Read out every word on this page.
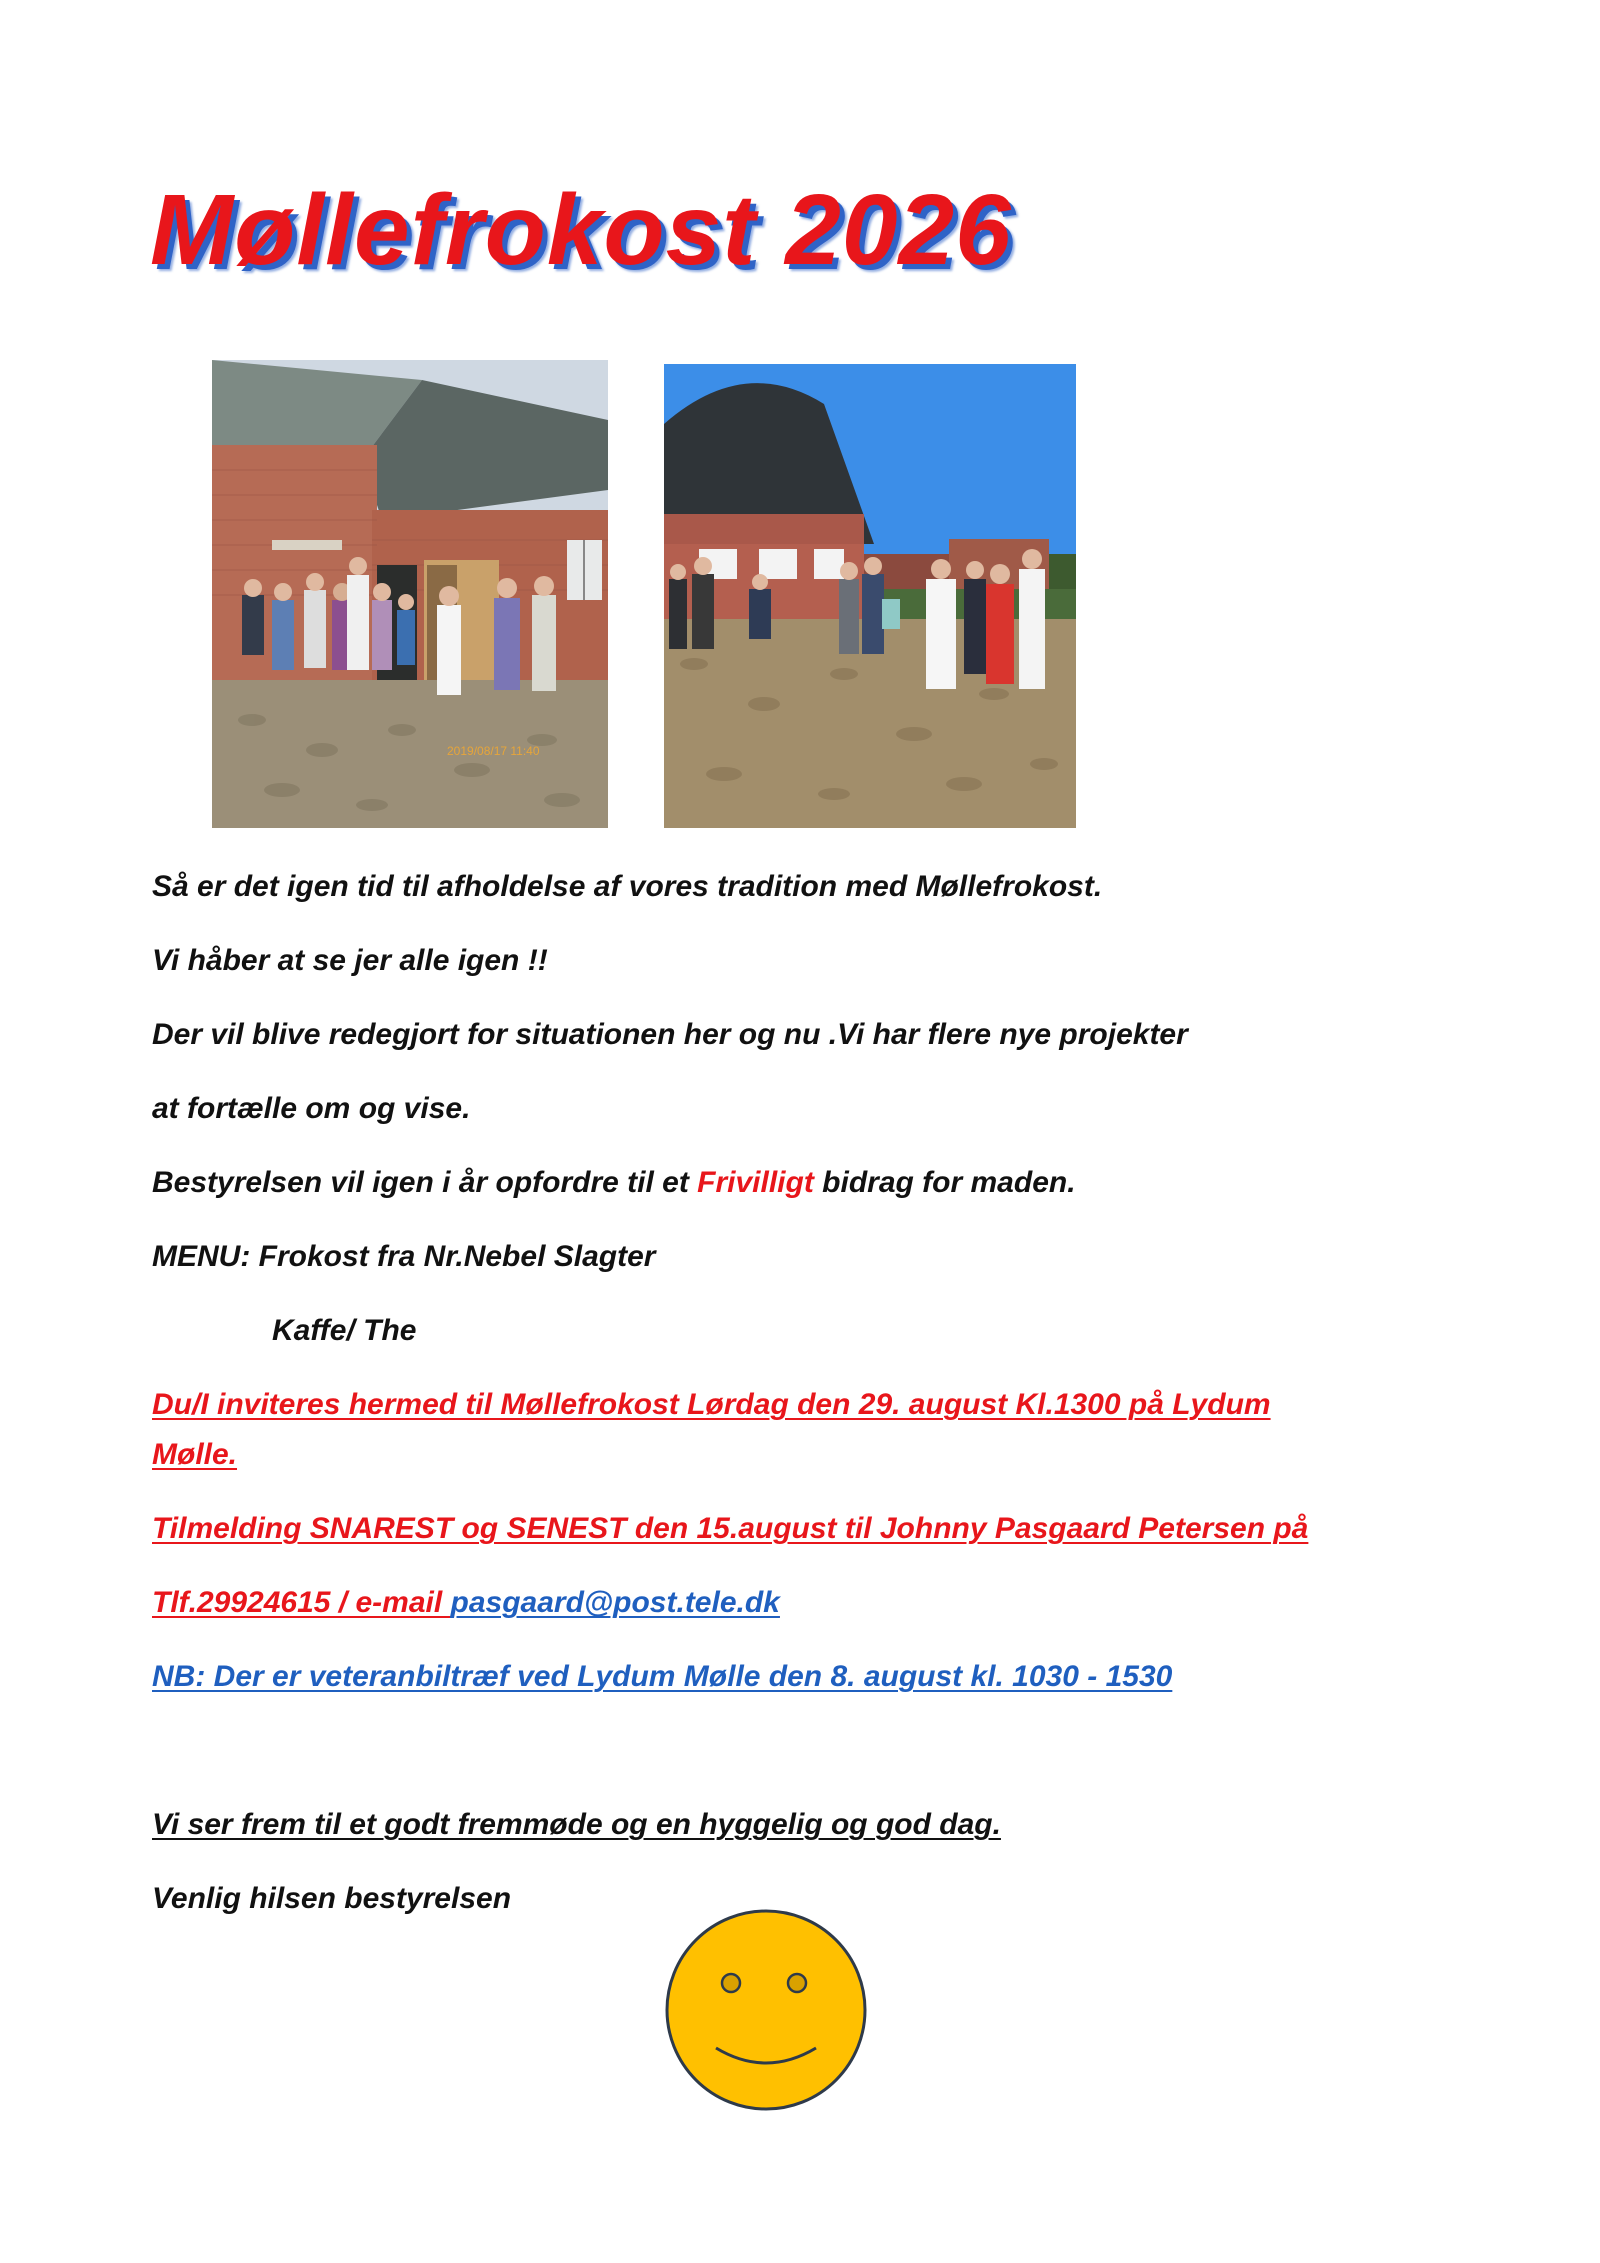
Møllefrokost 2026
2019/08/17 11:40

Så er det igen tid til afholdelse af vores tradition med Møllefrokost.

Vi håber at se jer alle igen !!

Der vil blive redegjort for situationen her og nu .Vi har flere nye projekter

at fortælle om og vise.

Bestyrelsen vil igen i år opfordre til et Frivilligt bidrag for maden.

MENU: Frokost fra Nr.Nebel Slagter

Kaffe/ The

Du/I inviteres hermed til Møllefrokost Lørdag den 29. august Kl.1300 på Lydum

Mølle.

Tilmelding SNAREST og SENEST den 15.august til Johnny Pasgaard Petersen på

Tlf.29924615 / e-mail pasgaard@post.tele.dk

NB: Der er veteranbiltræf ved Lydum Mølle den 8. august kl. 1030 - 1530

Vi ser frem til et godt fremmøde og en hyggelig og god dag.

Venlig hilsen bestyrelsen
